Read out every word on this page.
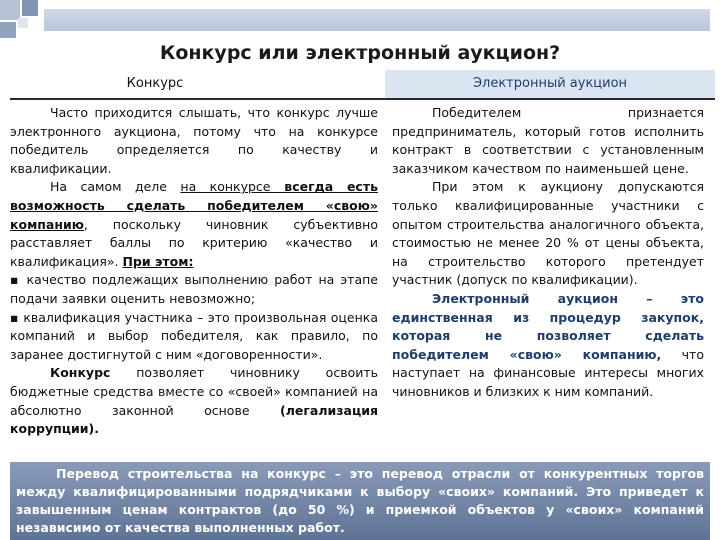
Конкурс или электронный аукцион?
Конкурс	Электронный аукцион

Часто приходится слышать, что конкурс лучше электронного аукциона, потому что на конкурсе победитель определяется по качеству и квалификации.

На самом деле на конкурсе всегда есть возможность сделать победителем «свою» компанию, поскольку чиновник субъективно расставляет баллы по критерию «качество и квалификация». При этом:

▪ качество подлежащих выполнению работ на этапе подачи заявки оценить невозможно;

▪ квалификация участника – это произвольная оценка компаний и выбор победителя, как правило, по заранее достигнутой с ним «договоренности».

Конкурс позволяет чиновнику освоить бюджетные средства вместе со «своей» компанией на абсолютно законной основе (легализация коррупции).

Победителем признается предприниматель, который готов исполнить контракт в соответствии с установленным заказчиком качеством по наименьшей цене.

При этом к аукциону допускаются только квалифицированные участники с опытом строительства аналогичного объекта, стоимостью не менее 20 % от цены объекта, на строительство которого претендует участник (допуск по квалификации).

Электронный аукцион – это единственная из процедур закупок, которая не позволяет сделать победителем «свою» компанию, что наступает на финансовые интересы многих чиновников и близких к ним компаний.

Перевод строительства на конкурс – это перевод отрасли от конкурентных торгов между квалифицированными подрядчиками к выбору «своих» компаний. Это приведет к завышенным ценам контрактов (до 50 %) и приемкой объектов у «своих» компаний независимо от качества выполненных работ.
